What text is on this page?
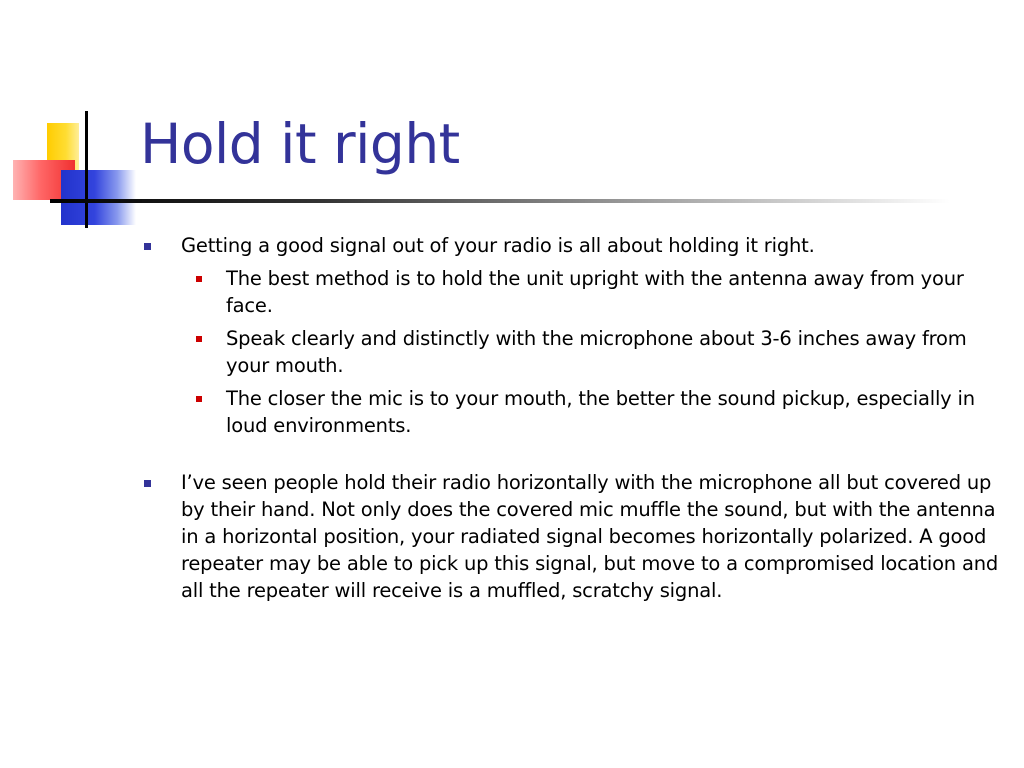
Hold it right
Getting a good signal out of your radio is all about holding it right.
The best method is to hold the unit upright with the antenna away from your face.
Speak clearly and distinctly with the microphone about 3-6 inches away from your mouth.
The closer the mic is to your mouth, the better the sound pickup, especially in loud environments.
I’ve seen people hold their radio horizontally with the microphone all but covered up by their hand. Not only does the covered mic muffle the sound, but with the antenna in a horizontal position, your radiated signal becomes horizontally polarized. A good repeater may be able to pick up this signal, but move to a compromised location and all the repeater will receive is a muffled, scratchy signal.
